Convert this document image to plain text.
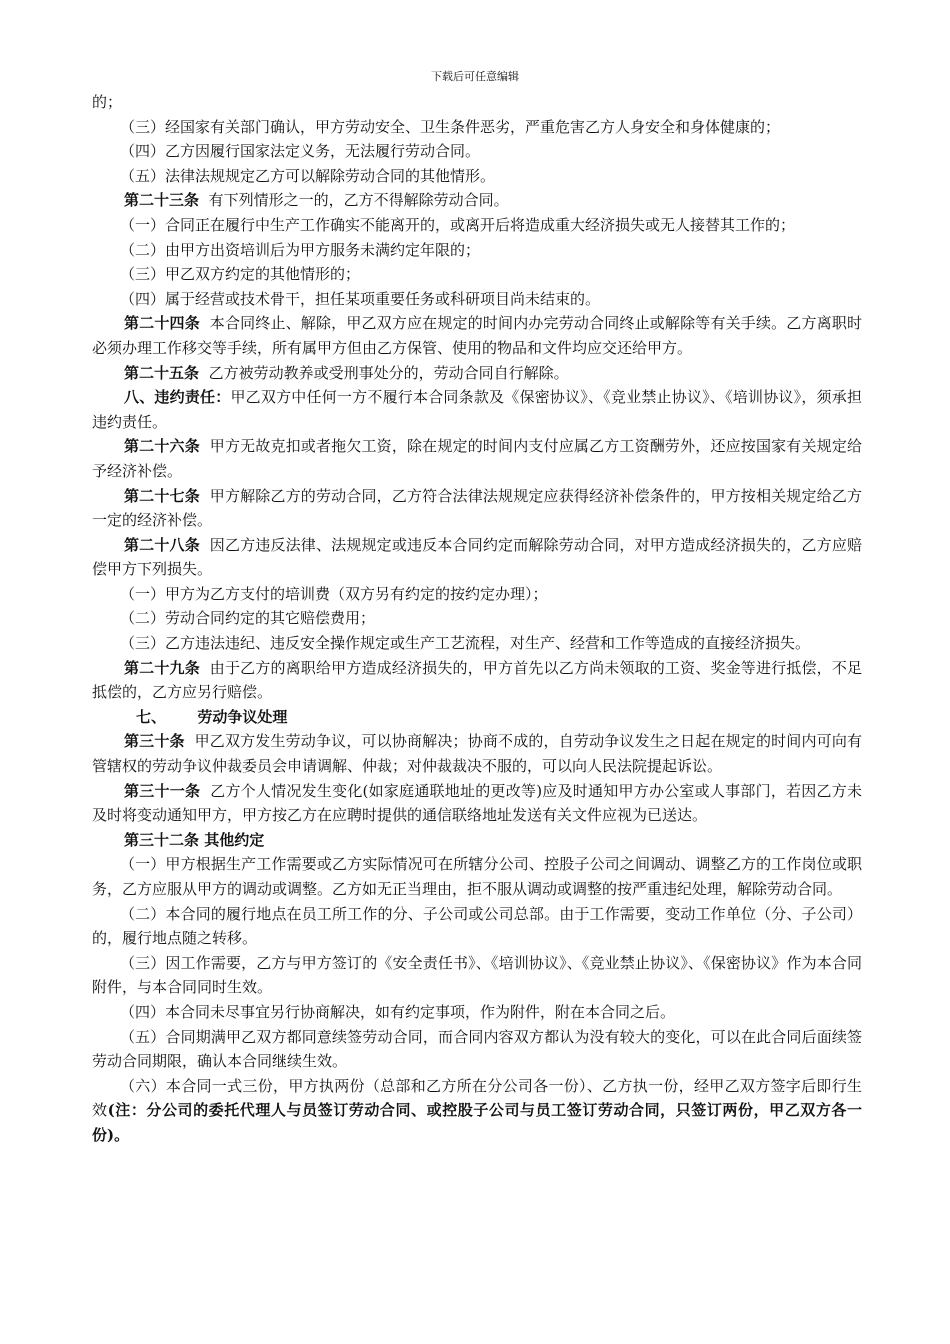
下载后可任意编辑

的；

（三）经国家有关部门确认，甲方劳动安全、卫生条件恶劣，严重危害乙方人身安全和身体健康的；

（四）乙方因履行国家法定义务，无法履行劳动合同。

（五）法律法规规定乙方可以解除劳动合同的其他情形。

第二十三条 有下列情形之一的，乙方不得解除劳动合同。

（一）合同正在履行中生产工作确实不能离开的，或离开后将造成重大经济损失或无人接替其工作的；

（二）由甲方出资培训后为甲方服务未满约定年限的；

（三）甲乙双方约定的其他情形的；

（四）属于经营或技术骨干，担任某项重要任务或科研项目尚未结束的。

第二十四条 本合同终止、解除，甲乙双方应在规定的时间内办完劳动合同终止或解除等有关手续。乙方离职时必须办理工作移交等手续，所有属甲方但由乙方保管、使用的物品和文件均应交还给甲方。

第二十五条 乙方被劳动教养或受刑事处分的，劳动合同自行解除。

八、违约责任：甲乙双方中任何一方不履行本合同条款及《保密协议》、《竞业禁止协议》、《培训协议》，须承担违约责任。

第二十六条 甲方无故克扣或者拖欠工资，除在规定的时间内支付应属乙方工资酬劳外，还应按国家有关规定给予经济补偿。

第二十七条 甲方解除乙方的劳动合同，乙方符合法律法规规定应获得经济补偿条件的，甲方按相关规定给乙方一定的经济补偿。

第二十八条 因乙方违反法律、法规规定或违反本合同约定而解除劳动合同，对甲方造成经济损失的，乙方应赔偿甲方下列损失。

（一）甲方为乙方支付的培训费（双方另有约定的按约定办理）；

（二）劳动合同约定的其它赔偿费用；

（三）乙方违法违纪、违反安全操作规定或生产工艺流程，对生产、经营和工作等造成的直接经济损失。

第二十九条 由于乙方的离职给甲方造成经济损失的，甲方首先以乙方尚未领取的工资、奖金等进行抵偿，不足抵偿的，乙方应另行赔偿。

七、      劳动争议处理

第三十条 甲乙双方发生劳动争议，可以协商解决；协商不成的，自劳动争议发生之日起在规定的时间内可向有管辖权的劳动争议仲裁委员会申请调解、仲裁；对仲裁裁决不服的，可以向人民法院提起诉讼。

第三十一条 乙方个人情况发生变化(如家庭通联地址的更改等)应及时通知甲方办公室或人事部门，若因乙方未及时将变动通知甲方，甲方按乙方在应聘时提供的通信联络地址发送有关文件应视为已送达。

第三十二条 其他约定

（一）甲方根据生产工作需要或乙方实际情况可在所辖分公司、控股子公司之间调动、调整乙方的工作岗位或职务，乙方应服从甲方的调动或调整。乙方如无正当理由，拒不服从调动或调整的按严重违纪处理，解除劳动合同。

（二）本合同的履行地点在员工所工作的分、子公司或公司总部。由于工作需要，变动工作单位（分、子公司）的，履行地点随之转移。

（三）因工作需要，乙方与甲方签订的《安全责任书》、《培训协议》、《竞业禁止协议》、《保密协议》作为本合同附件，与本合同同时生效。

（四）本合同未尽事宜另行协商解决，如有约定事项，作为附件，附在本合同之后。

（五）合同期满甲乙双方都同意续签劳动合同，而合同内容双方都认为没有较大的变化，可以在此合同后面续签劳动合同期限，确认本合同继续生效。

（六）本合同一式三份，甲方执两份（总部和乙方所在分公司各一份）、乙方执一份，经甲乙双方签字后即行生效(注：分公司的委托代理人与员签订劳动合同、或控股子公司与员工签订劳动合同，只签订两份，甲乙双方各一份)。
